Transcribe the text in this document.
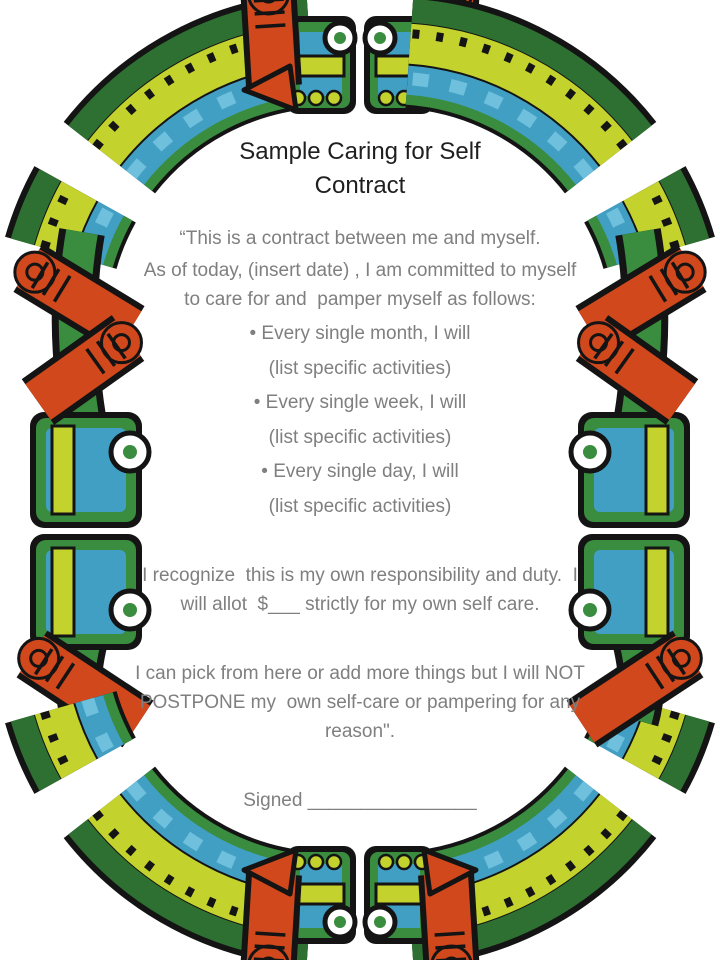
Sample Caring for Self
Contract
“This is a contract between me and myself.
As of today, (insert date) , I am committed to myself
to care for and  pamper myself as follows:
• Every single month, I will
(list specific activities)
• Every single week, I will
(list specific activities)
• Every single day, I will
(list specific activities)
I recognize  this is my own responsibility and duty.  I
will allot  $___ strictly for my own self care.
I can pick from here or add more things but I will NOT
POSTPONE my  own self-care or pampering for any
reason".
Signed ________________
